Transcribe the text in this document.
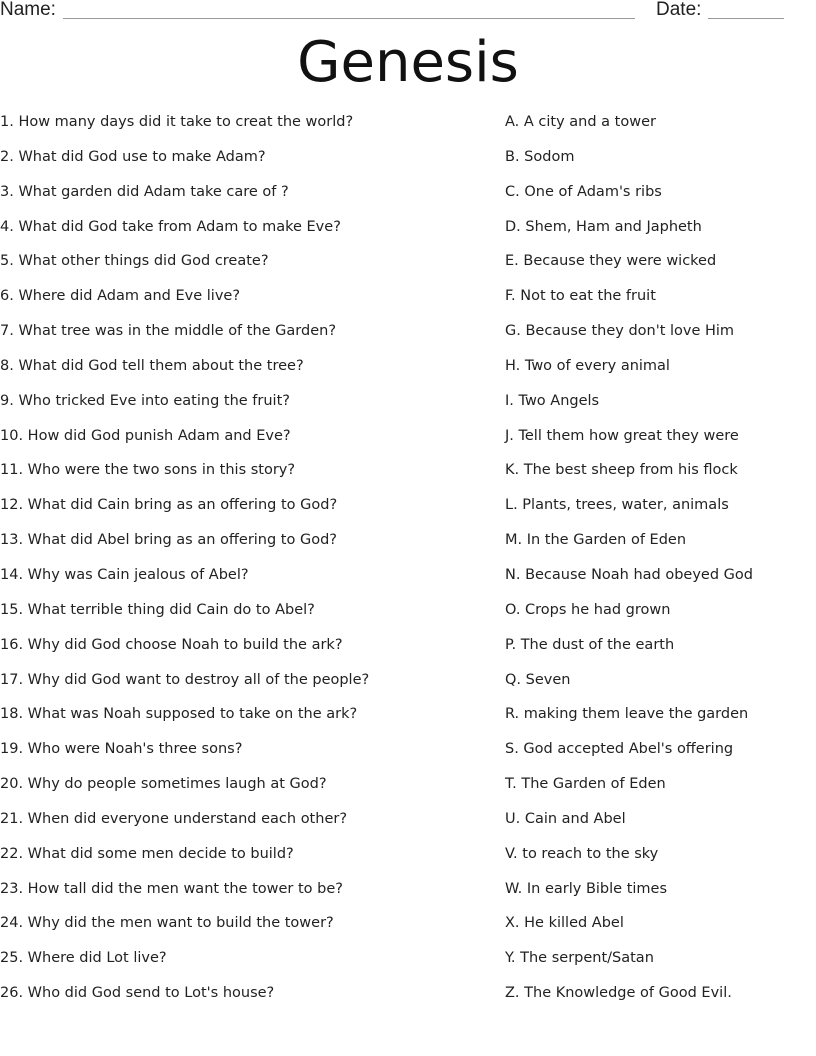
Name:	Date:
Genesis
1. How many days did it take to creat the world?
2. What did God use to make Adam?
3. What garden did Adam take care of ?
4. What did God take from Adam to make Eve?
5. What other things did God create?
6. Where did Adam and Eve live?
7. What tree was in the middle of the Garden?
8. What did God tell them about the tree?
9. Who tricked Eve into eating the fruit?
10. How did God punish Adam and Eve?
11. Who were the two sons in this story?
12. What did Cain bring as an offering to God?
13. What did Abel bring as an offering to God?
14. Why was Cain jealous of Abel?
15. What terrible thing did Cain do to Abel?
16. Why did God choose Noah to build the ark?
17. Why did God want to destroy all of the people?
18. What was Noah supposed to take on the ark?
19. Who were Noah's three sons?
20. Why do people sometimes laugh at God?
21. When did everyone understand each other?
22. What did some men decide to build?
23. How tall did the men want the tower to be?
24. Why did the men want to build the tower?
25. Where did Lot live?
26. Who did God send to Lot's house?
A. A city and a tower
B. Sodom
C. One of Adam's ribs
D. Shem, Ham and Japheth
E. Because they were wicked
F. Not to eat the fruit
G. Because they don't love Him
H. Two of every animal
I. Two Angels
J. Tell them how great they were
K. The best sheep from his flock
L. Plants, trees, water, animals
M. In the Garden of Eden
N. Because Noah had obeyed God
O. Crops he had grown
P. The dust of the earth
Q. Seven
R. making them leave the garden
S. God accepted Abel's offering
T. The Garden of Eden
U. Cain and Abel
V. to reach to the sky
W. In early Bible times
X. He killed Abel
Y. The serpent/Satan
Z. The Knowledge of Good Evil.
